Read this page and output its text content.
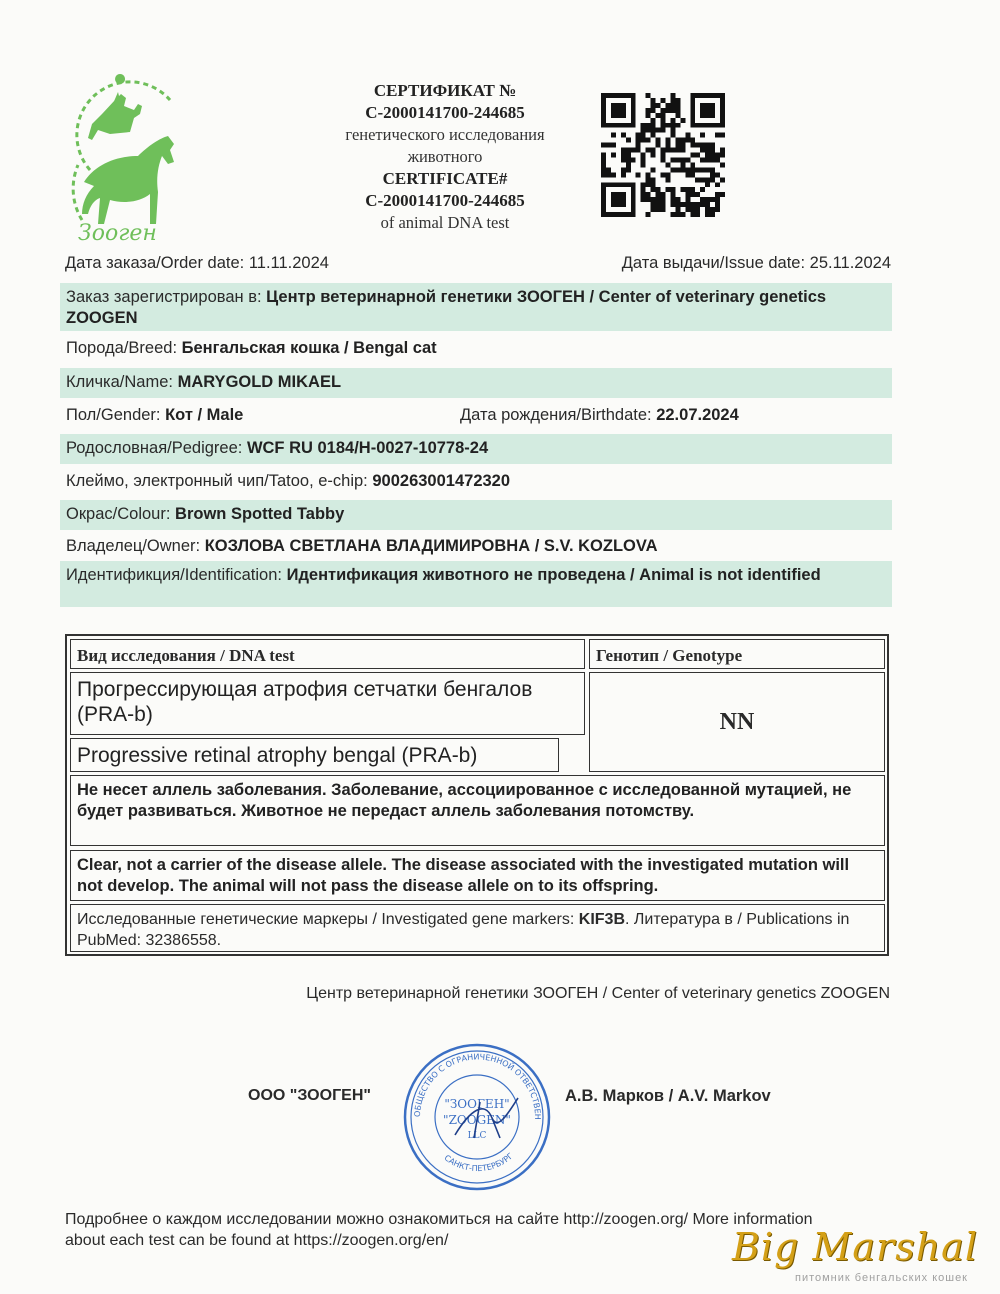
Зооген
СЕРТИФИКАТ №
C-2000141700-244685
генетического исследования
животного
CERTIFICATE#
C-2000141700-244685
of animal DNA test
Дата заказа/Order date: 11.11.2024	Дата выдачи/Issue date: 25.11.2024
Заказ зарегистрирован в: Центр ветеринарной генетики ЗООГЕН / Center of veterinary genetics ZOOGEN
Порода/Breed: Бенгальская кошка / Bengal cat
Кличка/Name: MARYGOLD MIKAEL
Пол/Gender: Кот / Male	Дата рождения/Birthdate: 22.07.2024
Родословная/Pedigree: WCF RU 0184/H-0027-10778-24
Клеймо, электронный чип/Tatoo, e-chip: 900263001472320
Окрас/Colour: Brown Spotted Tabby
Владелец/Owner: КОЗЛОВА СВЕТЛАНА ВЛАДИМИРОВНА / S.V. KOZLOVA
Идентификция/Identification: Идентификация животного не проведена / Animal is not identified
Вид исследования / DNA test	Генотип / Genotype
Прогрессирующая атрофия сетчатки бенгалов (PRA-b)
Progressive retinal atrophy bengal (PRA-b)
NN
Не несет аллель заболевания. Заболевание, ассоциированное с исследованной мутацией, не будет развиваться. Животное не передаст аллель заболевания потомству.
Clear, not a carrier of the disease allele. The disease associated with the investigated mutation will not develop. The animal will not pass the disease allele on to its offspring.
Исследованные генетические маркеры / Investigated gene markers: KIF3B. Литература в / Publications in PubMed: 32386558.
Центр ветеринарной генетики ЗООГЕН / Center of veterinary genetics ZOOGEN
ООО "ЗООГЕН"
ОБЩЕСТВО С ОГРАНИЧЕННОЙ ОТВЕТСТВЕН
САНКТ-ПЕТЕРБУРГ
"ЗООГЕН"
"ZOOGEN"
LLC
А.В. Марков / A.V. Markov
Подробнее о каждом исследовании можно ознакомиться на сайте http://zoogen.org/ More information about each test can be found at https://zoogen.org/en/	Big Marshal
питомник бенгальских кошек
